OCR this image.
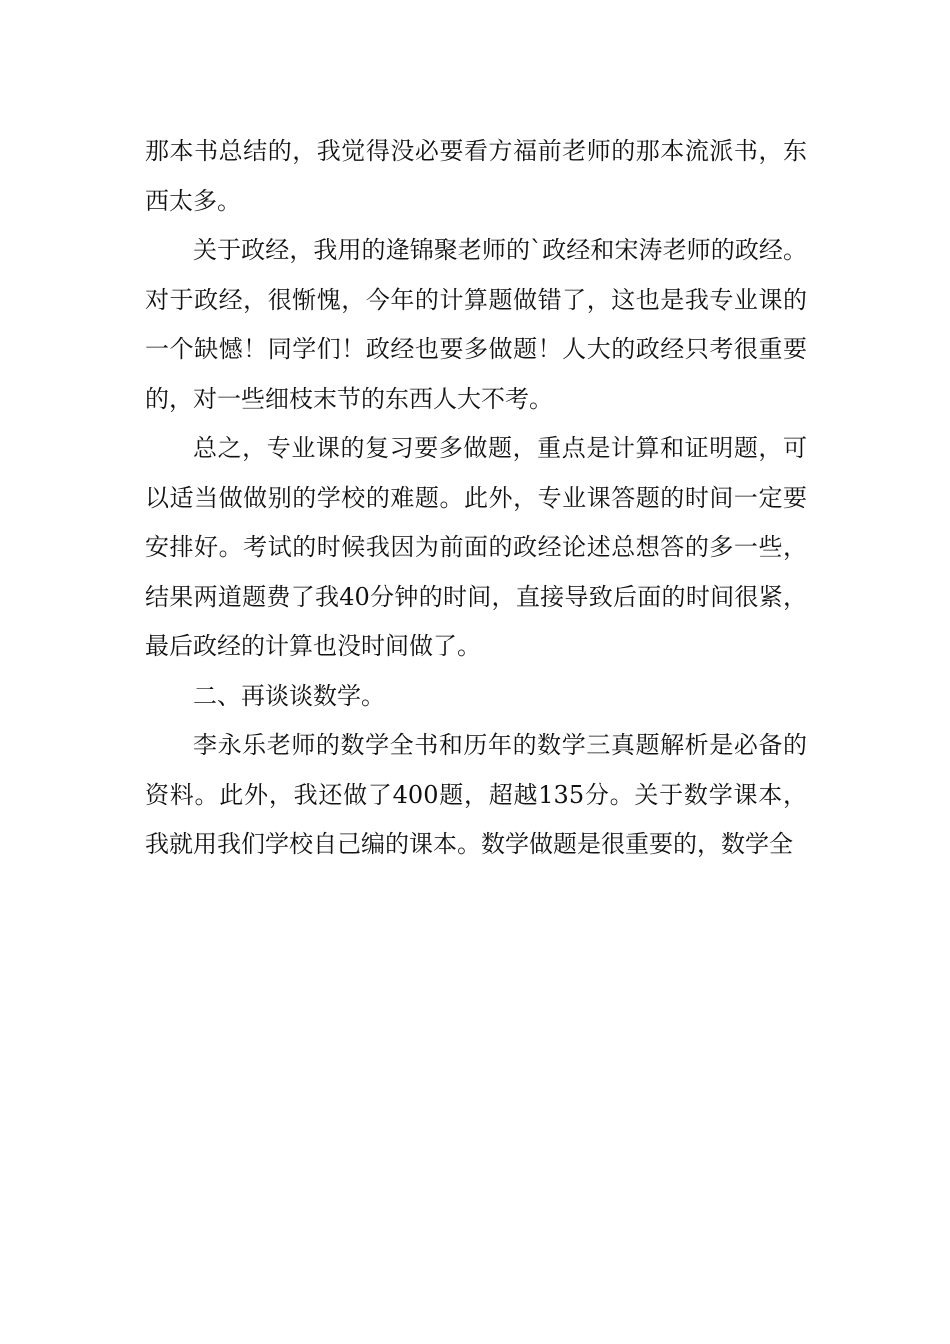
那本书总结的，我觉得没必要看方福前老师的那本流派书，东西太多。

关于政经，我用的逄锦聚老师的`政经和宋涛老师的政经。对于政经，很惭愧，今年的计算题做错了，这也是我专业课的一个缺憾！同学们！政经也要多做题！人大的政经只考很重要的，对一些细枝末节的东西人大不考。

总之，专业课的复习要多做题，重点是计算和证明题，可以适当做做别的学校的难题。此外，专业课答题的时间一定要安排好。考试的时候我因为前面的政经论述总想答的多一些，结果两道题费了我40分钟的时间，直接导致后面的时间很紧，最后政经的计算也没时间做了。

二、再谈谈数学。

李永乐老师的数学全书和历年的数学三真题解析是必备的资料。此外，我还做了400题，超越135分。关于数学课本，我就用我们学校自己编的课本。数学做题是很重要的，数学全
